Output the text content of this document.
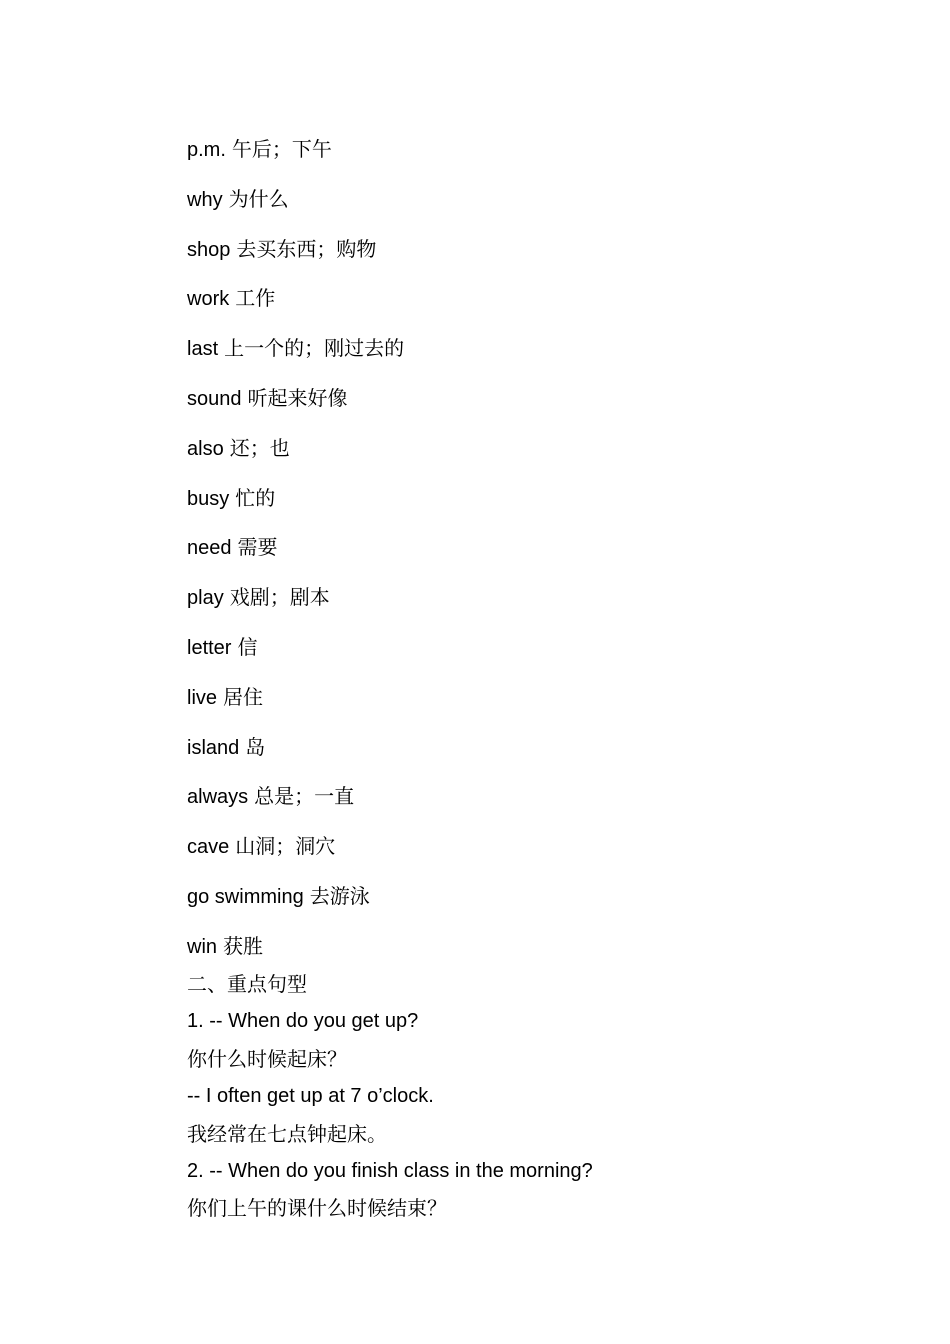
p.m. 午后；下午
why 为什么
shop 去买东西；购物
work 工作
last 上一个的；刚过去的
sound 听起来好像
also 还；也
busy 忙的
need 需要
play 戏剧；剧本
letter 信
live 居住
island 岛
always 总是；一直
cave 山洞；洞穴
go swimming 去游泳
win 获胜
二、重点句型
1. -- When do you get up?
你什么时候起床？
-- I often get up at 7 o’clock.
我经常在七点钟起床。
2. -- When do you finish class in the morning?
你们上午的课什么时候结束？
